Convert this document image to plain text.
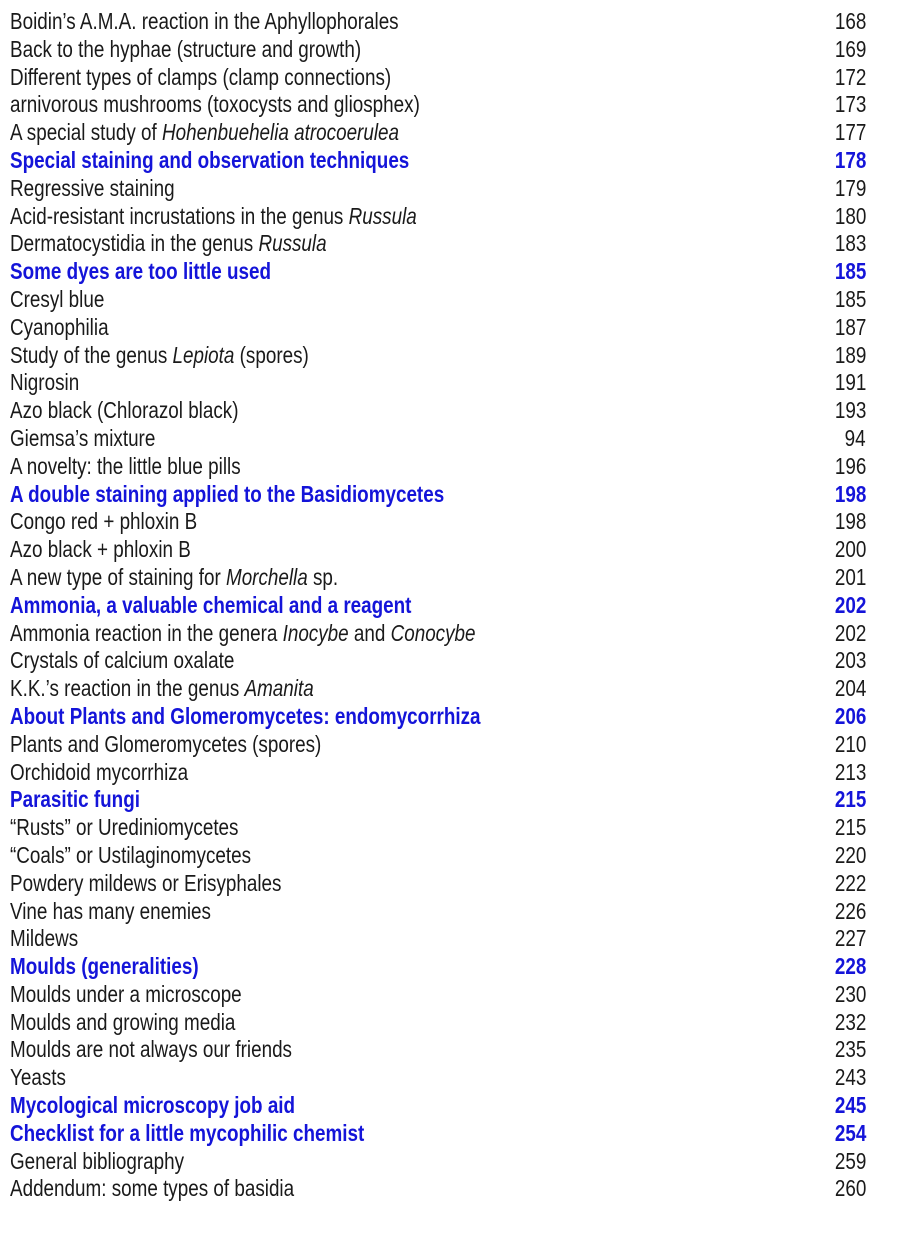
Boidin’s A.M.A. reaction in the Aphyllophorales	168
Back to the hyphae (structure and growth)	169
Different types of clamps (clamp connections)	172
arnivorous mushrooms (toxocysts and gliosphex)	173
A special study of Hohenbuehelia atrocoerulea	177
Special staining and observation techniques	178
Regressive staining	179
Acid-resistant incrustations in the genus Russula	180
Dermatocystidia in the genus Russula	183
Some dyes are too little used	185
Cresyl blue	185
Cyanophilia	187
Study of the genus Lepiota (spores)	189
Nigrosin	191
Azo black (Chlorazol black)	193
Giemsa’s mixture	94
A novelty: the little blue pills	196
A double staining applied to the Basidiomycetes	198
Congo red + phloxin B	198
Azo black + phloxin B	200
A new type of staining for Morchella sp.	201
Ammonia, a valuable chemical and a reagent	202
Ammonia reaction in the genera Inocybe and Conocybe	202
Crystals of calcium oxalate	203
K.K.’s reaction in the genus Amanita	204
About Plants and Glomeromycetes: endomycorrhiza	206
Plants and Glomeromycetes (spores)	210
Orchidoid mycorrhiza	213
Parasitic fungi	215
“Rusts” or Urediniomycetes	215
“Coals” or Ustilaginomycetes	220
Powdery mildews or Erisyphales	222
Vine has many enemies	226
Mildews	227
Moulds (generalities)	228
Moulds under a microscope	230
Moulds and growing media	232
Moulds are not always our friends	235
Yeasts	243
Mycological microscopy job aid	245
Checklist for a little mycophilic chemist	254
General bibliography	259
Addendum: some types of basidia	260
